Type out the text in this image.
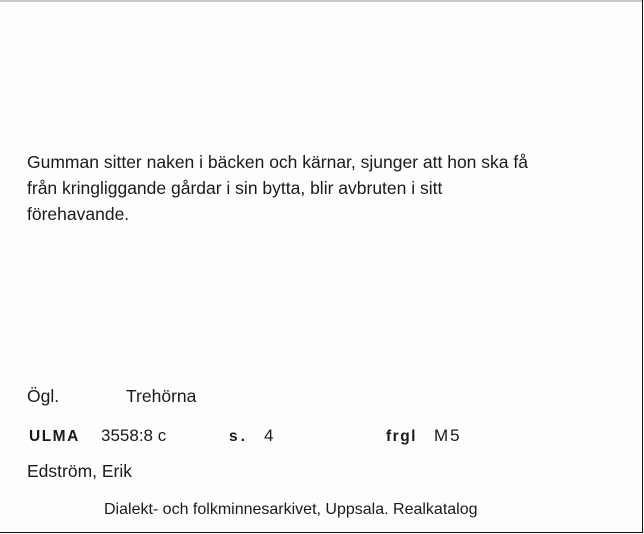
Gumman sitter naken i bäcken och kärnar, sjunger att hon ska få
från kringliggande gårdar i sin bytta, blir avbruten i sitt
förehavande.
Ögl.	Trehörna
ULMA 3558:8 c	s. 4	frgl M5
Edström, Erik
Dialekt- och folkminnesarkivet, Uppsala. Realkatalog
